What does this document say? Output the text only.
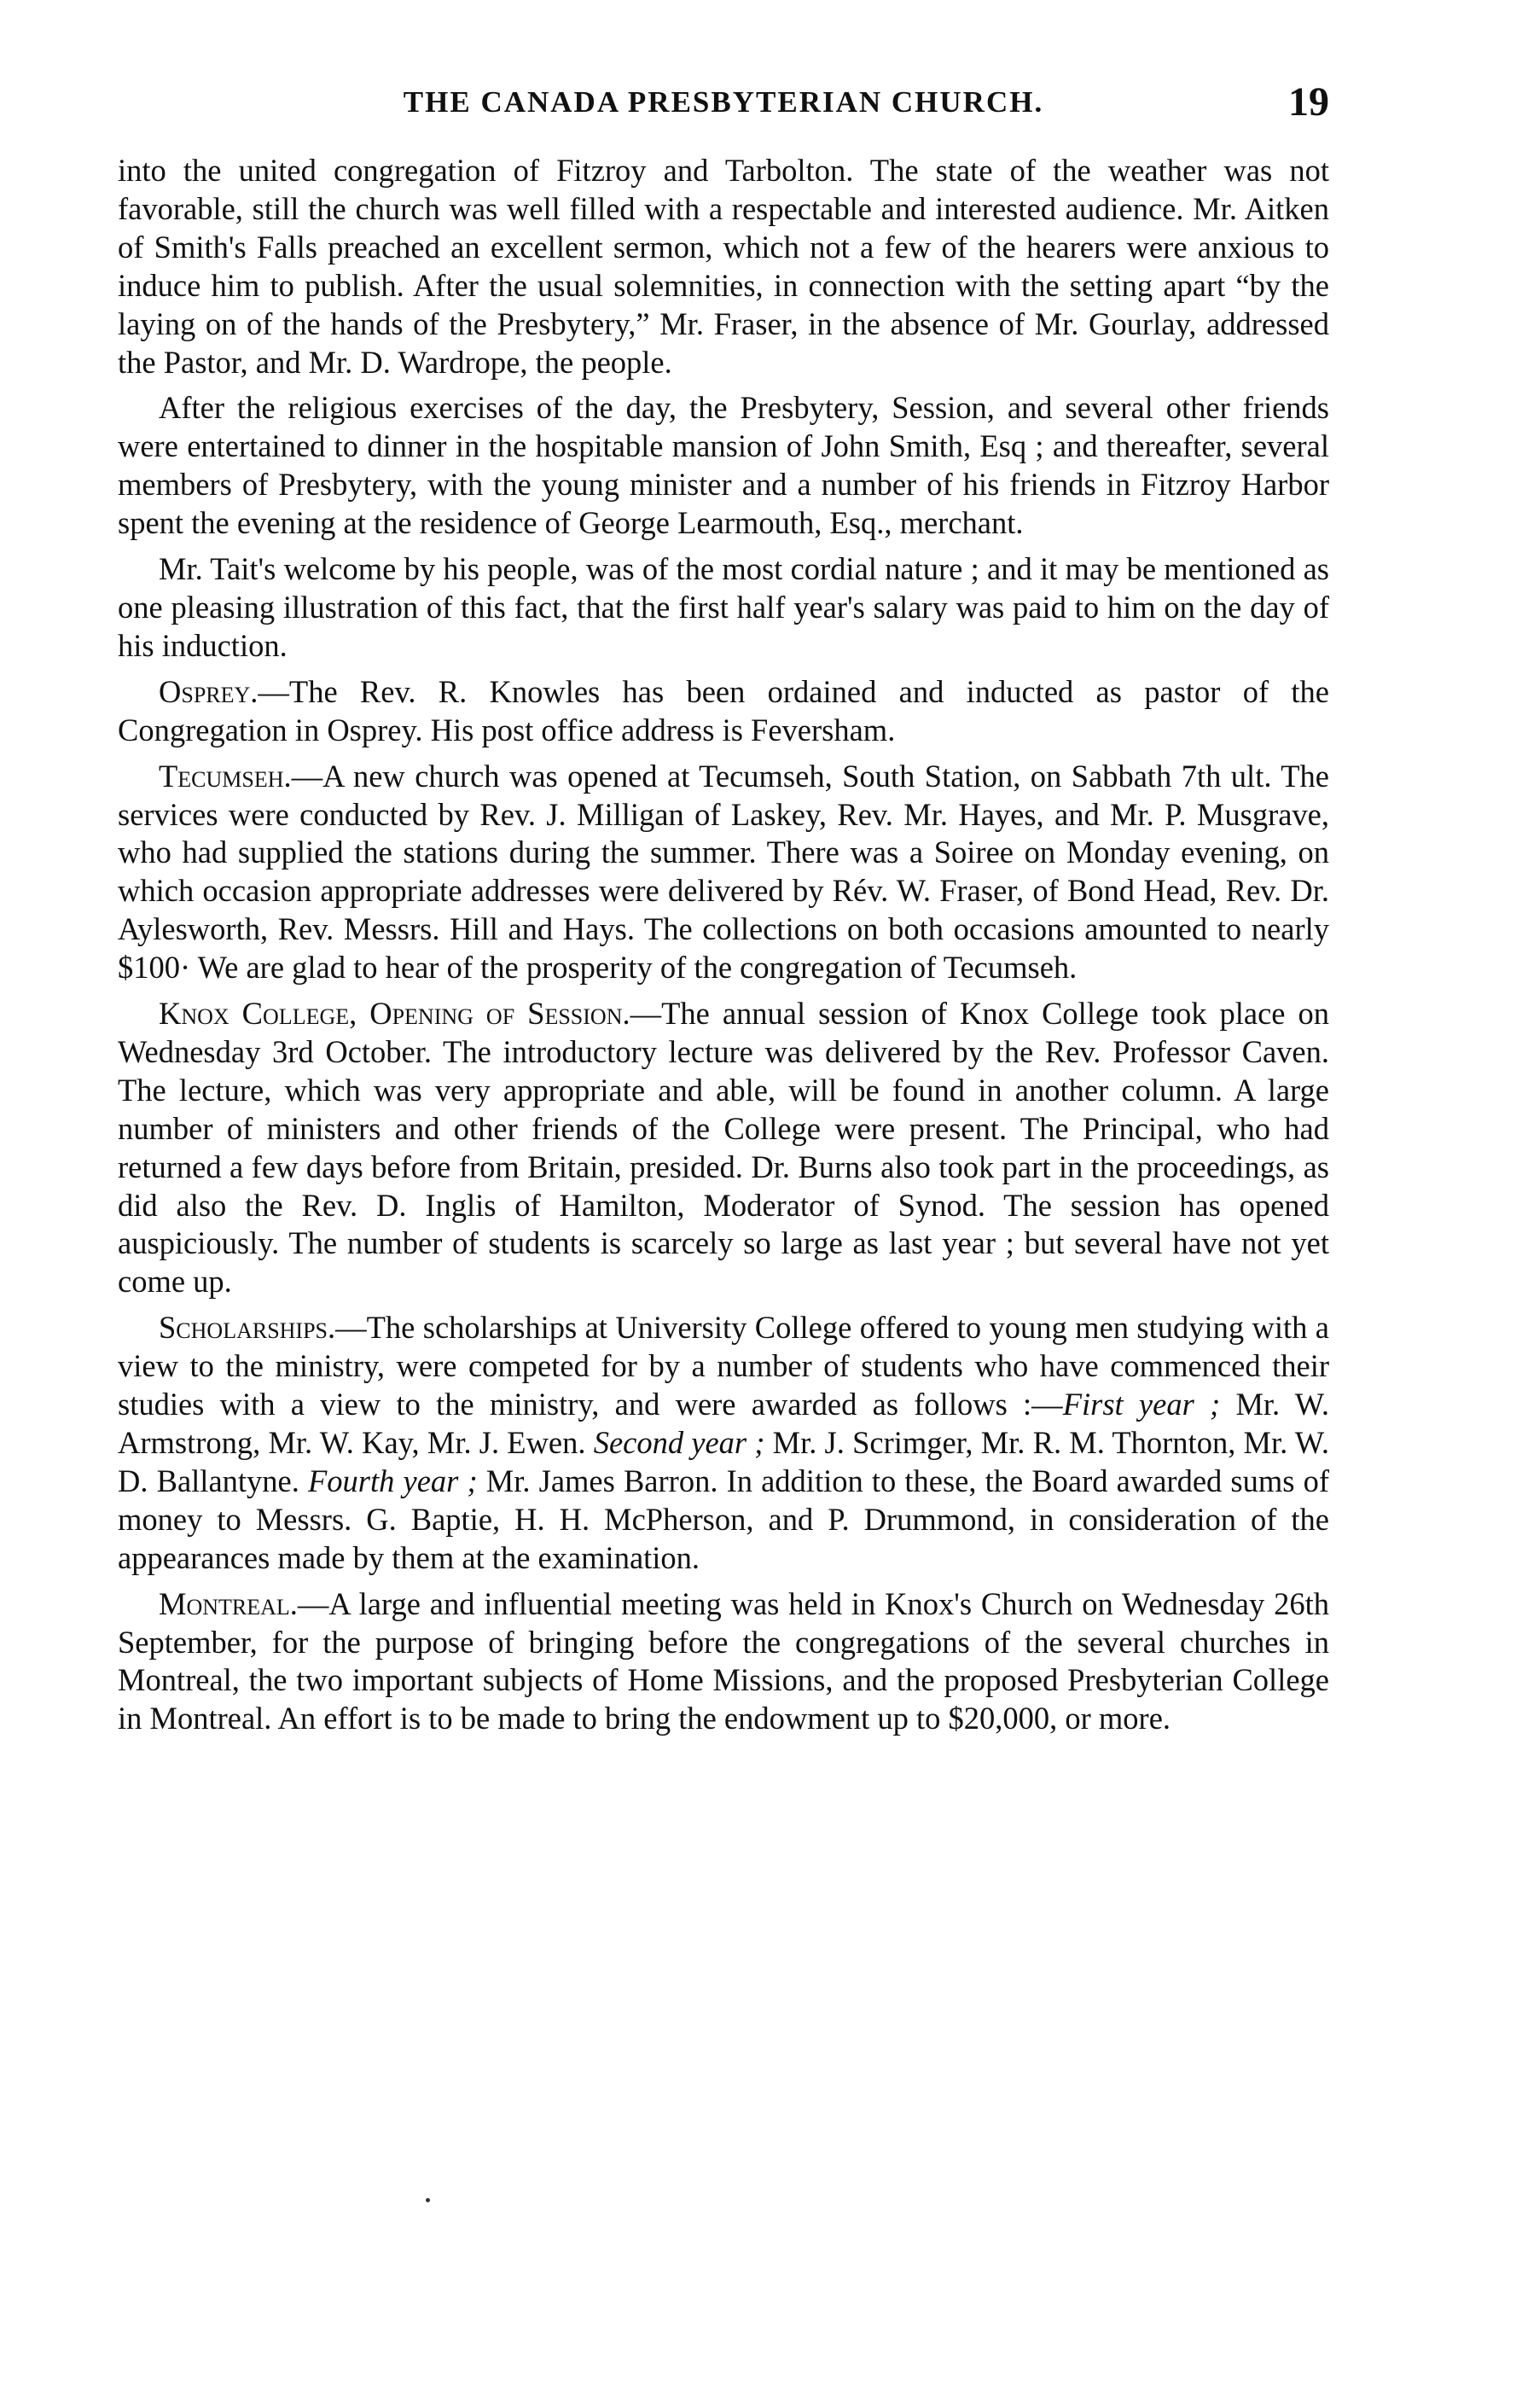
THE CANADA PRESBYTERIAN CHURCH.	19

into the united congregation of Fitzroy and Tarbolton. The state of the weather was not favorable, still the church was well filled with a respectable and interested audience. Mr. Aitken of Smith's Falls preached an excellent sermon, which not a few of the hearers were anxious to induce him to publish. After the usual solemnities, in connection with the setting apart “by the laying on of the hands of the Presbytery,” Mr. Fraser, in the absence of Mr. Gourlay, addressed the Pastor, and Mr. D. Wardrope, the people.

After the religious exercises of the day, the Presbytery, Session, and several other friends were entertained to dinner in the hospitable mansion of John Smith, Esq ; and thereafter, several members of Presbytery, with the young minister and a number of his friends in Fitzroy Harbor spent the evening at the residence of George Learmouth, Esq., merchant.

Mr. Tait's welcome by his people, was of the most cordial nature ; and it may be mentioned as one pleasing illustration of this fact, that the first half year's salary was paid to him on the day of his induction.

Osprey.—The Rev. R. Knowles has been ordained and inducted as pastor of the Congregation in Osprey. His post office address is Feversham.

Tecumseh.—A new church was opened at Tecumseh, South Station, on Sabbath 7th ult. The services were conducted by Rev. J. Milligan of Laskey, Rev. Mr. Hayes, and Mr. P. Musgrave, who had supplied the stations during the summer. There was a Soiree on Monday evening, on which occasion appropriate addresses were delivered by Rév. W. Fraser, of Bond Head, Rev. Dr. Aylesworth, Rev. Messrs. Hill and Hays. The collections on both occasions amounted to nearly $100· We are glad to hear of the prosperity of the congregation of Tecumseh.

Knox College, Opening of Session.—The annual session of Knox College took place on Wednesday 3rd October. The introductory lecture was delivered by the Rev. Professor Caven. The lecture, which was very appropriate and able, will be found in another column. A large number of ministers and other friends of the College were present. The Principal, who had returned a few days before from Britain, presided. Dr. Burns also took part in the proceedings, as did also the Rev. D. Inglis of Hamilton, Moderator of Synod. The session has opened auspiciously. The number of students is scarcely so large as last year ; but several have not yet come up.

Scholarships.—The scholarships at University College offered to young men studying with a view to the ministry, were competed for by a number of students who have commenced their studies with a view to the ministry, and were awarded as follows :—First year ; Mr. W. Armstrong, Mr. W. Kay, Mr. J. Ewen. Second year ; Mr. J. Scrimger, Mr. R. M. Thornton, Mr. W. D. Ballantyne. Fourth year ; Mr. James Barron. In addition to these, the Board awarded sums of money to Messrs. G. Baptie, H. H. McPherson, and P. Drummond, in consideration of the appearances made by them at the examination.

Montreal.—A large and influential meeting was held in Knox's Church on Wednesday 26th September, for the purpose of bringing before the congregations of the several churches in Montreal, the two important subjects of Home Missions, and the proposed Presbyterian College in Montreal. An effort is to be made to bring the endowment up to $20,000, or more.
